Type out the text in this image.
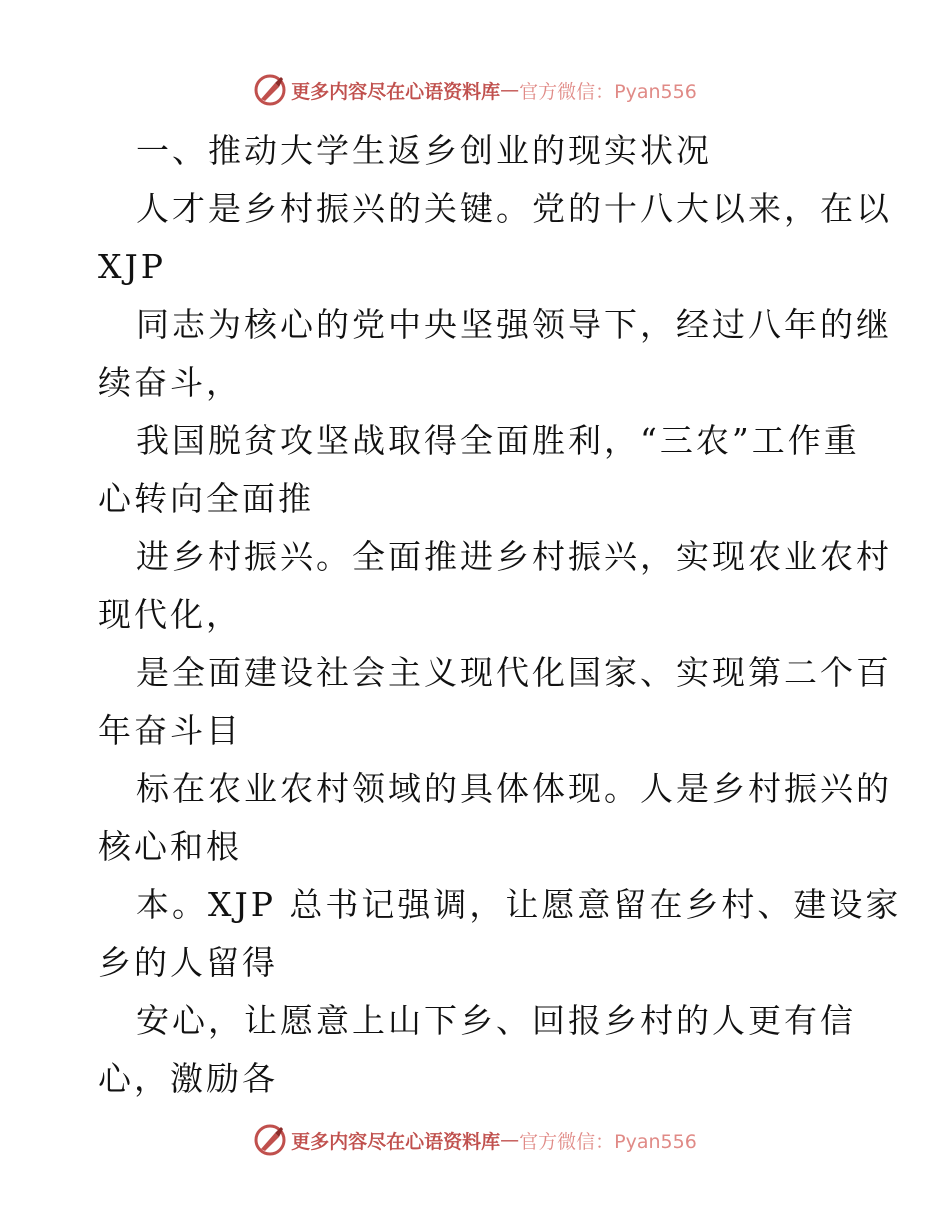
更多内容尽在心语资料库 — 官方微信：Pyan556
一、推动大学生返乡创业的现实状况
人才是乡村振兴的关键。党的十八大以来，在以
XJP
同志为核心的党中央坚强领导下，经过八年的继
续奋斗，
我国脱贫攻坚战取得全面胜利，“三农”工作重
心转向全面推
进乡村振兴。全面推进乡村振兴，实现农业农村
现代化，
是全面建设社会主义现代化国家、实现第二个百
年奋斗目
标在农业农村领域的具体体现。人是乡村振兴的
核心和根
本。XJP 总书记强调，让愿意留在乡村、建设家
乡的人留得
安心，让愿意上山下乡、回报乡村的人更有信
心，激励各
更多内容尽在心语资料库 — 官方微信：Pyan556
